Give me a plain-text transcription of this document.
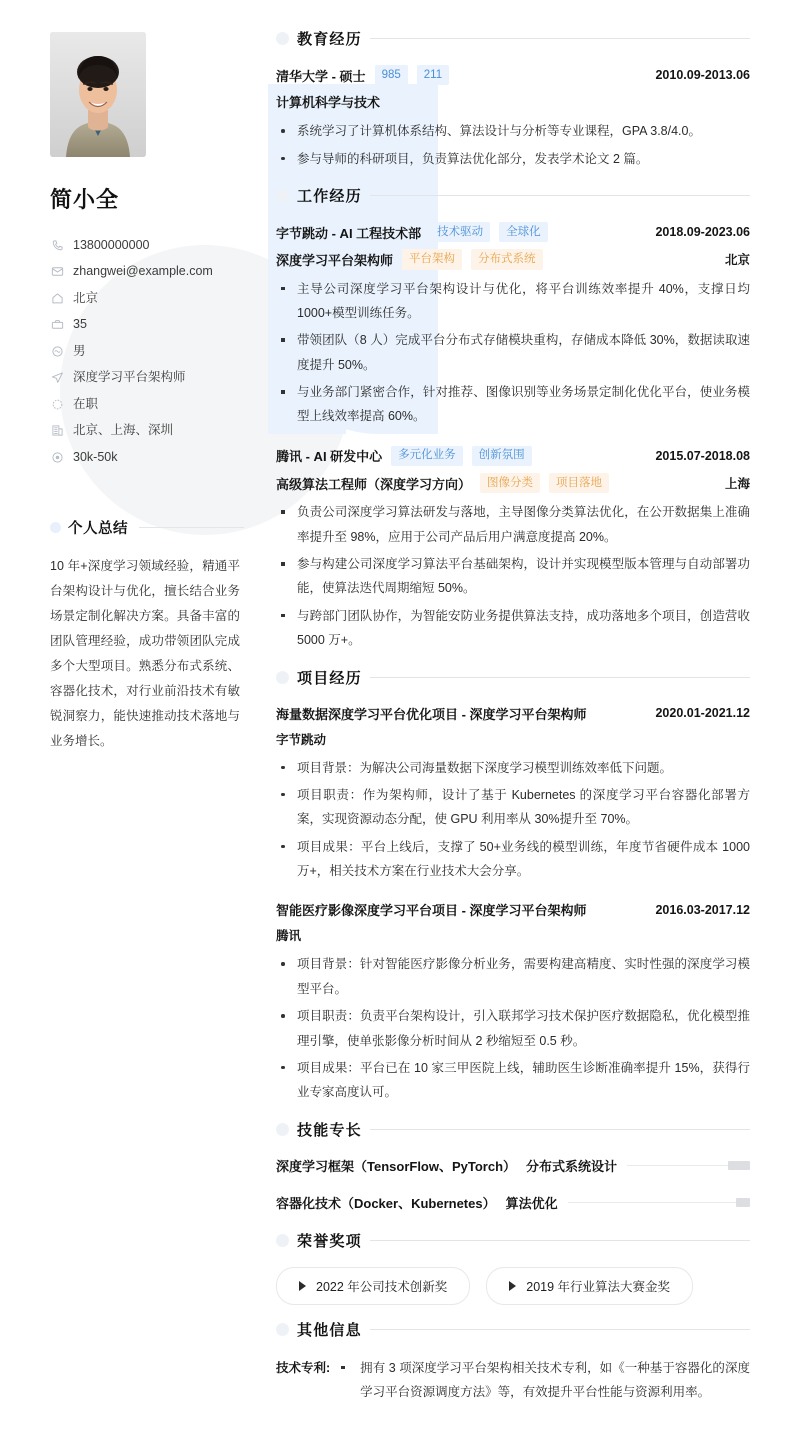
简小全
13800000000
zhangwei@example.com
北京
35
男
深度学习平台架构师
在职
北京、上海、深圳
30k-50k
个人总结

10 年+深度学习领域经验，精通平台架构设计与优化，擅长结合业务场景定制化解决方案。具备丰富的团队管理经验，成功带领团队完成多个大型项目。熟悉分布式系统、容器化技术，对行业前沿技术有敏锐洞察力，能快速推动技术落地与业务增长。

教育经历
清华大学 - 硕士	985	211	2010.09-2013.06
计算机科学与技术
系统学习了计算机体系结构、算法设计与分析等专业课程，GPA 3.8/4.0。
参与导师的科研项目，负责算法优化部分，发表学术论文 2 篇。
工作经历
字节跳动 - AI 工程技术部	技术驱动	全球化	2018.09-2023.06
深度学习平台架构师	平台架构	分布式系统	北京
主导公司深度学习平台架构设计与优化，将平台训练效率提升 40%，支撑日均 1000+模型训练任务。
带领团队（8 人）完成平台分布式存储模块重构，存储成本降低 30%，数据读取速度提升 50%。
与业务部门紧密合作，针对推荐、图像识别等业务场景定制化优化平台，使业务模型上线效率提高 60%。
腾讯 - AI 研发中心	多元化业务	创新氛围	2015.07-2018.08
高级算法工程师（深度学习方向）	图像分类	项目落地	上海
负责公司深度学习算法研发与落地，主导图像分类算法优化，在公开数据集上准确率提升至 98%，应用于公司产品后用户满意度提高 20%。
参与构建公司深度学习算法平台基础架构，设计并实现模型版本管理与自动部署功能，使算法迭代周期缩短 50%。
与跨部门团队协作，为智能安防业务提供算法支持，成功落地多个项目，创造营收 5000 万+。
项目经历
海量数据深度学习平台优化项目 - 深度学习平台架构师	2020.01-2021.12
字节跳动
项目背景：为解决公司海量数据下深度学习模型训练效率低下问题。
项目职责：作为架构师，设计了基于 Kubernetes 的深度学习平台容器化部署方案，实现资源动态分配，使 GPU 利用率从 30%提升至 70%。
项目成果：平台上线后，支撑了 50+业务线的模型训练，年度节省硬件成本 1000 万+，相关技术方案在行业技术大会分享。
智能医疗影像深度学习平台项目 - 深度学习平台架构师	2016.03-2017.12
腾讯
项目背景：针对智能医疗影像分析业务，需要构建高精度、实时性强的深度学习模型平台。
项目职责：负责平台架构设计，引入联邦学习技术保护医疗数据隐私，优化模型推理引擎，使单张影像分析时间从 2 秒缩短至 0.5 秒。
项目成果：平台已在 10 家三甲医院上线，辅助医生诊断准确率提升 15%，获得行业专家高度认可。
技能专长
深度学习框架（TensorFlow、PyTorch） 分布式系统设计
容器化技术（Docker、Kubernetes） 算法优化
荣誉奖项
2022 年公司技术创新奖	2019 年行业算法大赛金奖
其他信息
技术专利:	拥有 3 项深度学习平台架构相关技术专利，如《一种基于容器化的深度学习平台资源调度方法》等，有效提升平台性能与资源利用率。
